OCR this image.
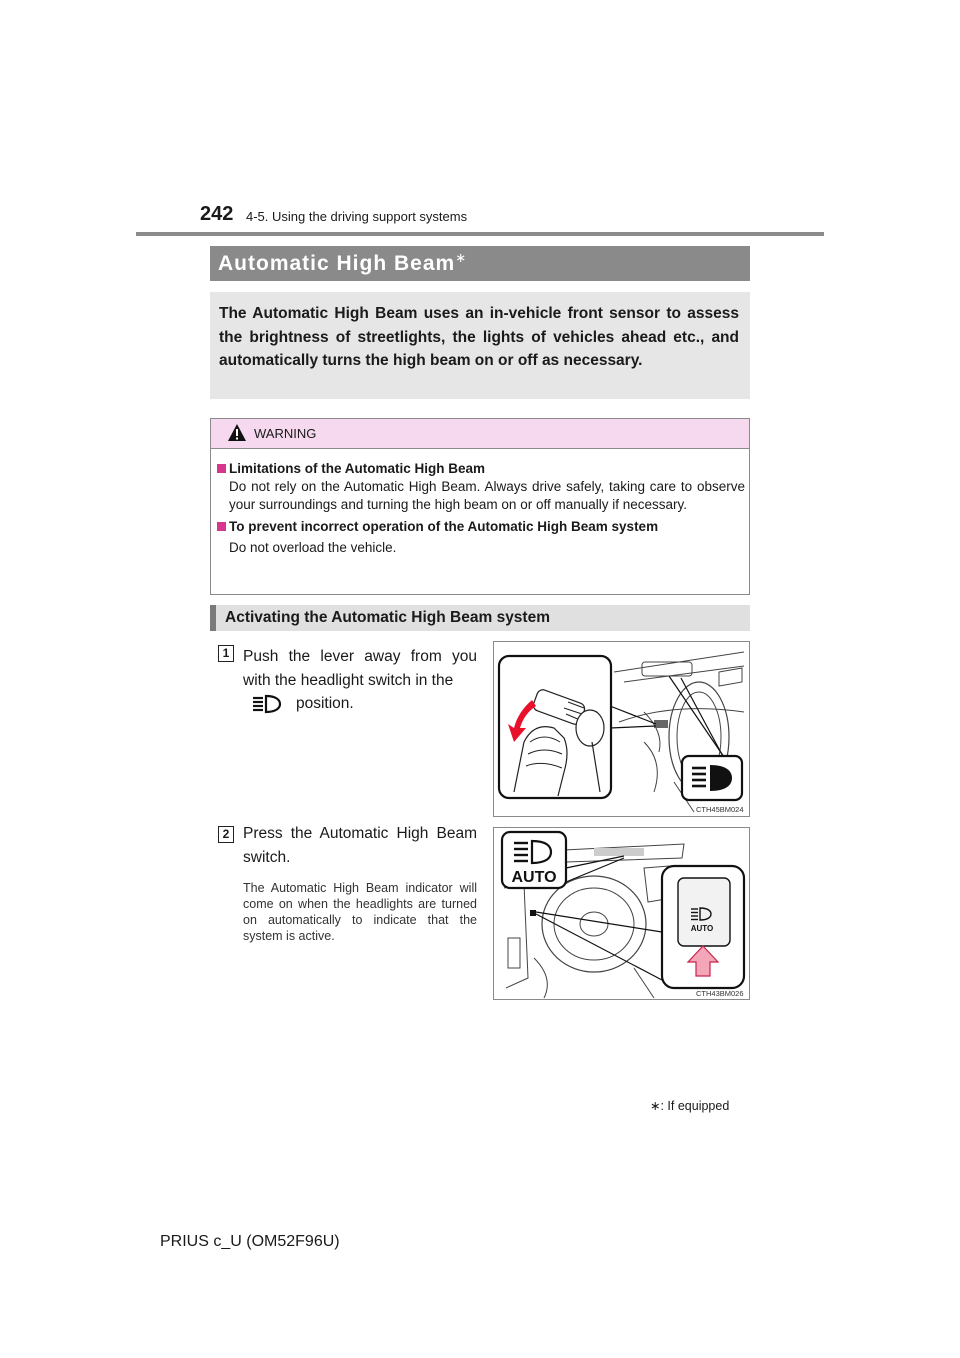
242 4-5. Using the driving support systems
Automatic High Beam∗
The Automatic High Beam uses an in-vehicle front sensor to assess the brightness of streetlights, the lights of vehicles ahead etc., and automatically turns the high beam on or off as necessary.
WARNING
Limitations of the Automatic High Beam
Do not rely on the Automatic High Beam. Always drive safely, taking care to observe your surroundings and turning the high beam on or off manually if necessary.
To prevent incorrect operation of the Automatic High Beam system
Do not overload the vehicle.
Activating the Automatic High Beam system
1 Push the lever away from you with the headlight switch in the
position.
CTH45BM024
2 Press the Automatic High Beam switch.
The Automatic High Beam indicator will come on when the headlights are turned on automatically to indicate that the system is active.
AUTO
AUTO
CTH43BM026
∗: If equipped
PRIUS c_U (OM52F96U)
